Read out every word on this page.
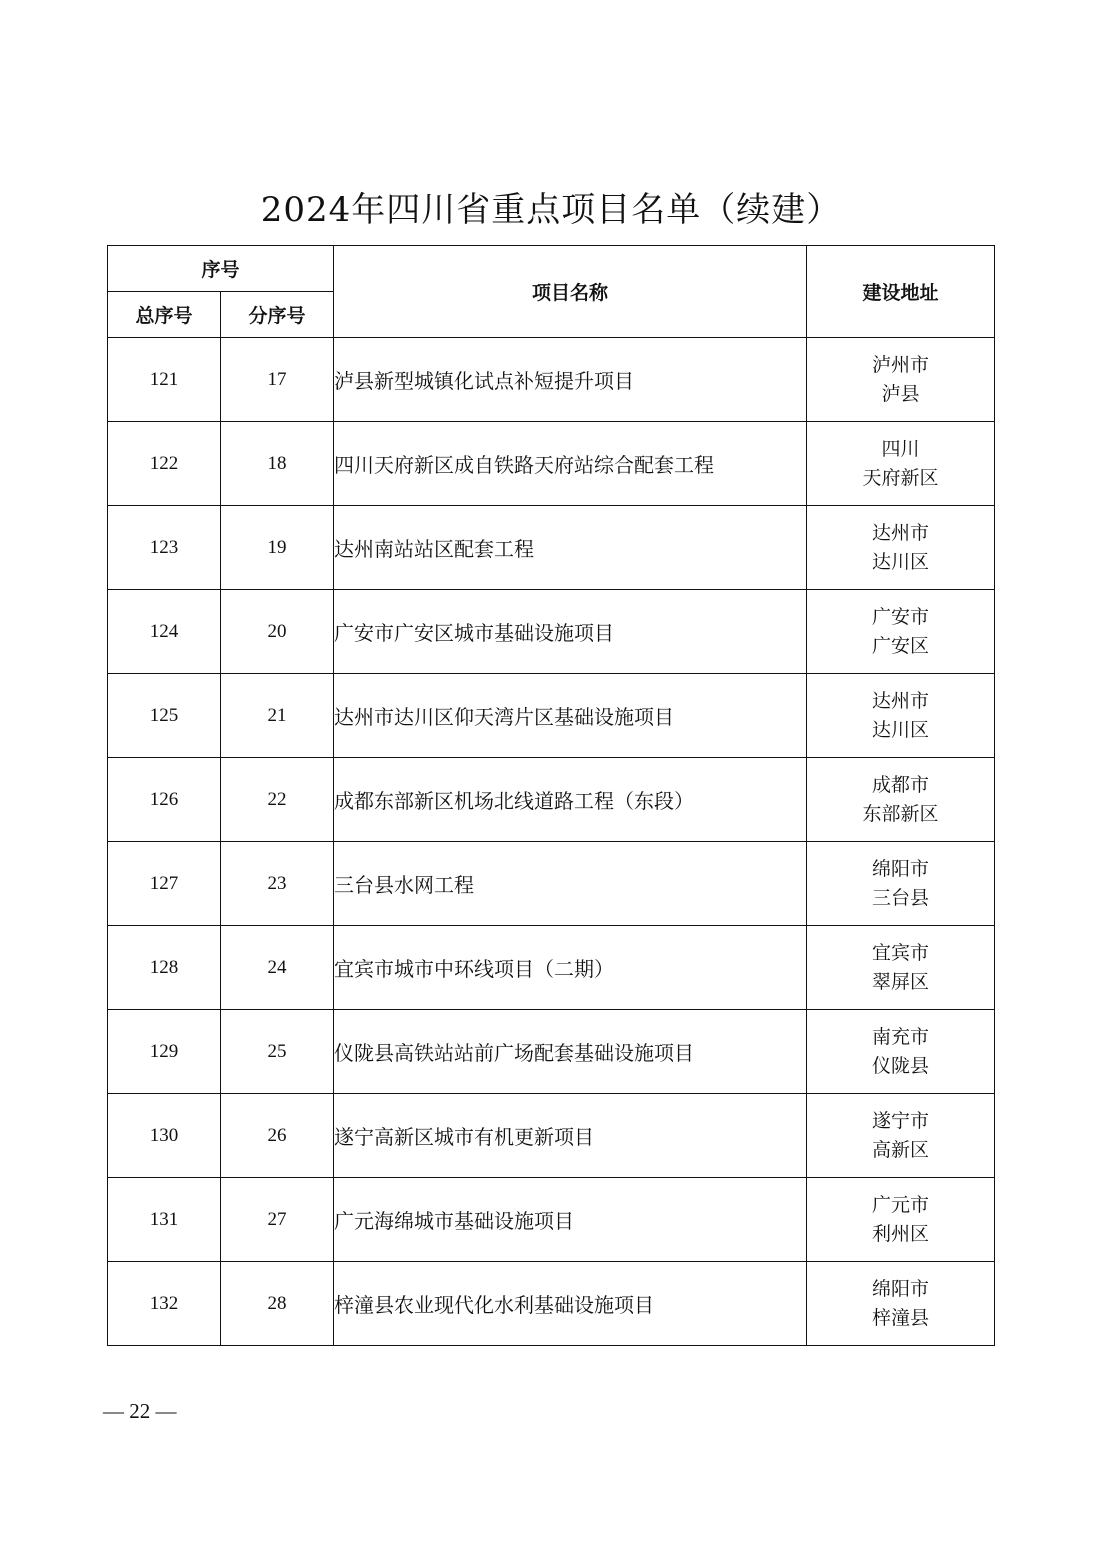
2024年四川省重点项目名单（续建）
序号		项目名称	建设地址
总序号	分序号		
121	17	泸县新型城镇化试点补短提升项目	泸州市
泸县

122	18	四川天府新区成自铁路天府站综合配套工程	四川
天府新区

123	19	达州南站站区配套工程	达州市
达川区

124	20	广安市广安区城市基础设施项目	广安市
广安区

125	21	达州市达川区仰天湾片区基础设施项目	达州市
达川区

126	22	成都东部新区机场北线道路工程（东段）	成都市
东部新区

127	23	三台县水网工程	绵阳市
三台县

128	24	宜宾市城市中环线项目（二期）	宜宾市
翠屏区

129	25	仪陇县高铁站站前广场配套基础设施项目	南充市
仪陇县

130	26	遂宁高新区城市有机更新项目	遂宁市
高新区

131	27	广元海绵城市基础设施项目	广元市
利州区

132	28	梓潼县农业现代化水利基础设施项目	绵阳市
梓潼县
— 22 —
